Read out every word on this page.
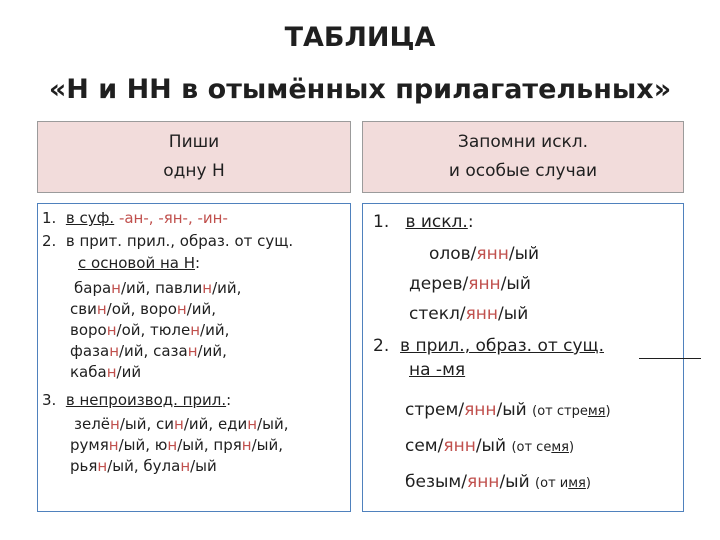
ТАБЛИЦА
«Н и НН в отымённых прилагательных»
Пиши
одну Н
Запомни искл.
и особые случаи
1. в суф. -ан-, -ян-, -ин-
2. в прит. прил., образ. от сущ.
с основой на Н:
баран/ий, павлин/ий,
свин/ой, ворон/ий,
ворон/ой, тюлен/ий,
фазан/ий, сазан/ий,
кабан/ий
3. в непроизвод. прил.:
зелён/ый, син/ий, един/ый,
румян/ый, юн/ый, прян/ый,
рьян/ый, булан/ый
1. в искл.:
олов/янн/ый
дерев/янн/ый
стекл/янн/ый
2. в прил., образ. от сущ.
на -мя
стрем/янн/ый (от стремя)
сем/янн/ый (от семя)
безым/янн/ый (от имя)
